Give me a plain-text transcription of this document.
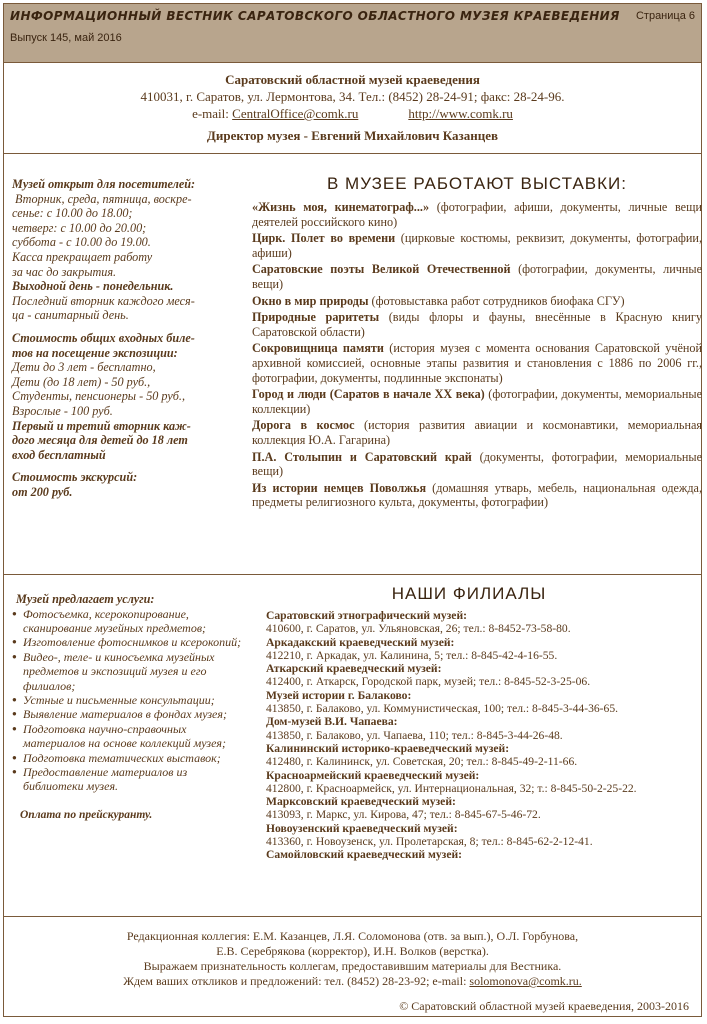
ИНФОРМАЦИОННЫЙ ВЕСТНИК САРАТОВСКОГО ОБЛАСТНОГО МУЗЕЯ КРАЕВЕДЕНИЯ
Выпуск 145, май 2016
Страница 6
Саратовский областной музей краеведения
410031, г. Саратов, ул. Лермонтова, 34. Тел.: (8452) 28-24-91; факс: 28-24-96.
e-mail: CentralOffice@comk.ru	http://www.comk.ru
Директор музея - Евгений Михайлович Казанцев

Музей открыт для посетителей:

Вторник, среда, пятница, воскре-

сенье: с 10.00 до 18.00;

четверг: с 10.00 до 20.00;

суббота - с 10.00 до 19.00.

Касса прекращает работу

за час до закрытия.

Выходной день - понедельник.

Последний вторник каждого меся-

ца - санитарный день.

Стоимость общих входных биле-

тов на посещение экспозиции:

Дети до 3 лет - бесплатно,

Дети (до 18 лет) - 50 руб.,

Студенты, пенсионеры - 50 руб.,

Взрослые - 100 руб.

Первый и третий вторник каж-

дого месяца для детей до 18 лет

вход бесплатный

Стоимость экскурсий:

от 200 руб.

В МУЗЕЕ РАБОТАЮТ ВЫСТАВКИ:

«Жизнь моя, кинематограф...» (фотографии, афиши, документы, личные вещи деятелей российского кино)

Цирк. Полет во времени (цирковые костюмы, реквизит, документы, фотографии, афиши)

Саратовские поэты Великой Отечественной (фотографии, документы, личные вещи)

Окно в мир природы (фотовыставка работ сотрудников биофака СГУ)

Природные раритеты (виды флоры и фауны, внесённые в Красную книгу Саратовской области)

Сокровищница памяти (история музея с момента основания Саратовской учёной архивной комиссией, основные этапы развития и становления с 1886 по 2006 гг., фотографии, документы, подлинные экспонаты)

Город и люди (Саратов в начале XX века) (фотографии, документы, мемориальные коллекции)

Дорога в космос (история развития авиации и космонавтики, мемориальная коллекция Ю.А. Гагарина)

П.А. Столыпин и Саратовский край (документы, фотографии, мемориальные вещи)

Из истории немцев Поволжья (домашняя утварь, мебель, национальная одежда, предметы религиозного культа, документы, фотографии)

Музей предлагает услуги:

● Фотосъемка, ксерокопирование, сканирование музейных предметов;
● Изготовление фотоснимков и ксерокопий;
● Видео-, теле- и киносъемка музейных предметов и экспозиций музея и его филиалов;
● Устные и письменные консультации;
● Выявление материалов в фондах музея;
● Подготовка научно-справочных материалов на основе коллекций музея;
● Подготовка тематических выставок;
● Предоставление материалов из библиотеки музея.

Оплата по прейскуранту.

НАШИ ФИЛИАЛЫ
Саратовский этнографический музей:
410600, г. Саратов, ул. Ульяновская, 26; тел.: 8-8452-73-58-80.
Аркадакский краеведческий музей:
412210, г. Аркадак, ул. Калинина, 5; тел.: 8-845-42-4-16-55.
Аткарский краеведческий музей:
412400, г. Аткарск, Городской парк, музей; тел.: 8-845-52-3-25-06.
Музей истории г. Балаково:
413850, г. Балаково, ул. Коммунистическая, 100; тел.: 8-845-3-44-36-65.
Дом-музей В.И. Чапаева:
413850, г. Балаково, ул. Чапаева, 110; тел.: 8-845-3-44-26-48.
Калининский историко-краеведческий музей:
412480, г. Калининск, ул. Советская, 20; тел.: 8-845-49-2-11-66.
Красноармейский краеведческий музей:
412800, г. Красноармейск, ул. Интернациональная, 32; т.: 8-845-50-2-25-22.
Марксовский краеведческий музей:
413093, г. Маркс, ул. Кирова, 47; тел.: 8-845-67-5-46-72.
Новоузенский краеведческий музей:
413360, г. Новоузенск, ул. Пролетарская, 8; тел.: 8-845-62-2-12-41.
Самойловский краеведческий музей:
Редакционная коллегия: Е.М. Казанцев, Л.Я. Соломонова (отв. за вып.), О.Л. Горбунова,
Е.В. Серебрякова (корректор), И.Н. Волков (верстка).
Выражаем признательность коллегам, предоставившим материалы для Вестника.
Ждем ваших откликов и предложений: тел. (8452) 28-23-92; e-mail: solomonova@comk.ru.
© Саратовский областной музей краеведения, 2003-2016
